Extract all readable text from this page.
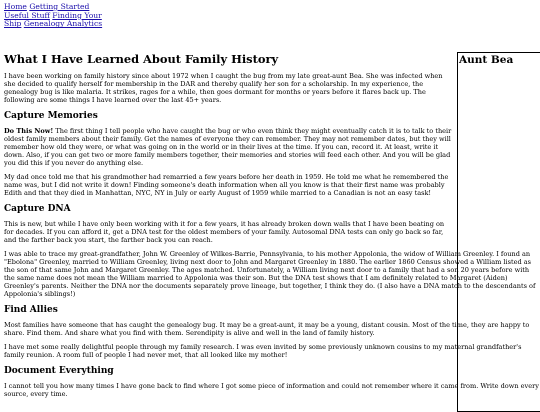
Home Getting Started Useful Stuff Finding Your Ship Genealogy Analytics
Aunt Bea
What I Have Learned About Family History

I have been working on family history since about 1972 when I caught the bug from my late great-aunt Bea. She was infected when she decided to qualify herself for membership in the DAR and thereby qualify her son for a scholarship. In my experience, the genealogy bug is like malaria. It strikes, rages for a while, then goes dormant for months or years before it flares back up. The following are some things I have learned over the last 45+ years.

Capture Memories

Do This Now! The first thing I tell people who have caught the bug or who even think they might eventually catch it is to talk to their oldest family members about their family. Get the names of everyone they can remember. They may not remember dates, but they will remember how old they were, or what was going on in the world or in their lives at the time. If you can, record it. At least, write it down. Also, if you can get two or more family members together, their memories and stories will feed each other. And you will be glad you did this if you never do anything else.

My dad once told me that his grandmother had remarried a few years before her death in 1959. He told me what he remembered the name was, but I did not write it down! Finding someone's death information when all you know is that their first name was probably Edith and that they died in Manhattan, NYC, NY in July or early August of 1959 while married to a Canadian is not an easy task!

Capture DNA

This is new, but while I have only been working with it for a few years, it has already broken down walls that I have been beating on for decades. If you can afford it, get a DNA test for the oldest members of your family. Autosomal DNA tests can only go back so far, and the farther back you start, the farther back you can reach.

I was able to trace my great-grandfather, John W. Greenley of Wilkes-Barrie, Pennsylvania, to his mother Appolonia, the widow of William Greenley. I found an "Ebolona" Greenley, married to William Greenley, living next door to John and Margaret Greenley in 1880. The earlier 1860 Census showed a William listed as the son of that same John and Margaret Greenley. The ages matched. Unfortunately, a William living next door to a family that had a son 20 years before with the same name does not mean the William married to Appolonia was their son. But the DNA test shows that I am definitely related to Margaret (Aiden) Greenley's parents. Neither the DNA nor the documents separately prove lineage, but together, I think they do. (I also have a DNA match to the descendants of Appolonia's siblings!)

Find Allies

Most families have someone that has caught the genealogy bug. It may be a great-aunt, it may be a young, distant cousin. Most of the time, they are happy to share. Find them. And share what you find with them. Serendipity is alive and well in the land of family history.

I have met some really delightful people through my family research. I was even invited by some previously unknown cousins to my maternal grandfather's family reunion. A room full of people I had never met, that all looked like my mother!

Document Everything

I cannot tell you how many times I have gone back to find where I got some piece of information and could not remember where it came from. Write down every source, every time.
